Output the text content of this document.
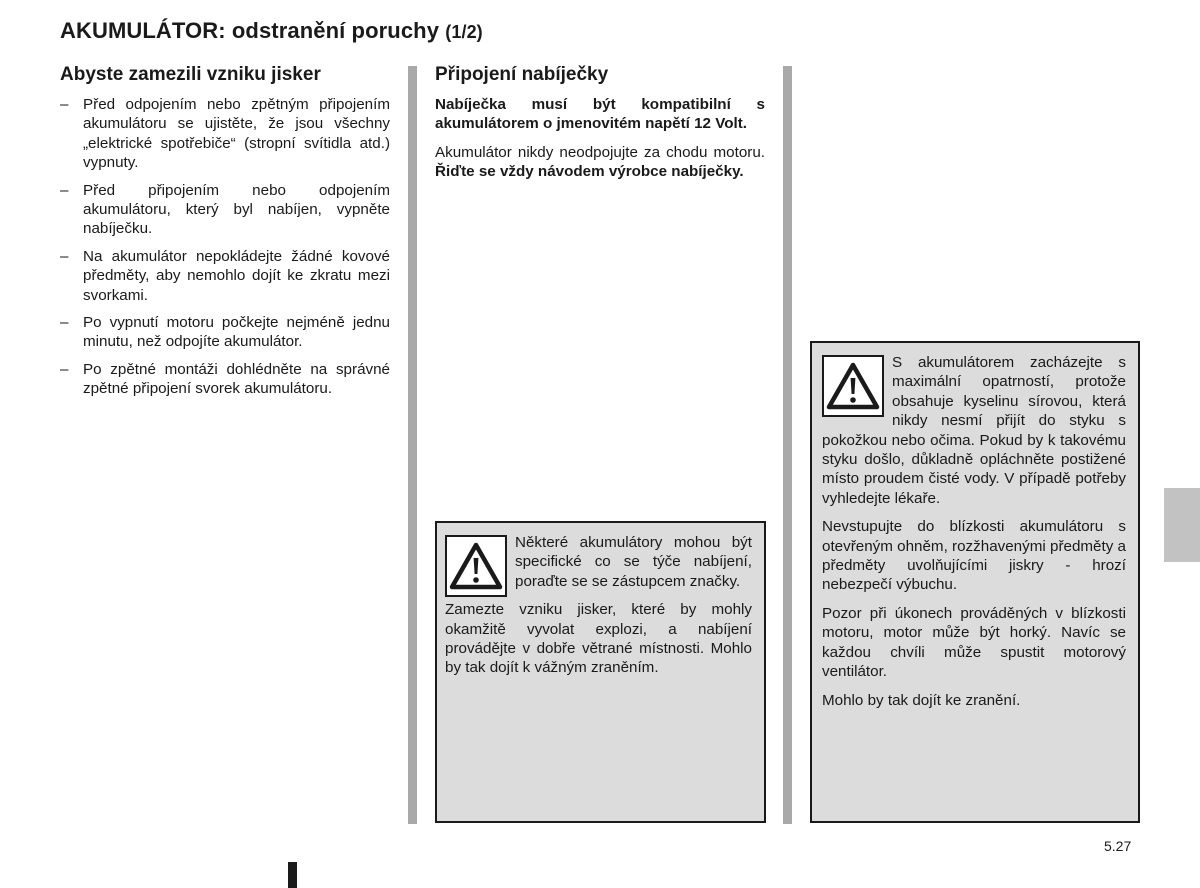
AKUMULÁTOR: odstranění poruchy (1/2)
Abyste zamezili vzniku jisker
– Před odpojením nebo zpětným připojením akumulátoru se ujistěte, že jsou všechny „elektrické spotřebiče“ (stropní svítidla atd.) vypnuty.
– Před připojením nebo odpojením akumulátoru, který byl nabíjen, vypněte nabíječku.
– Na akumulátor nepokládejte žádné kovové předměty, aby nemohlo dojít ke zkratu mezi svorkami.
– Po vypnutí motoru počkejte nejméně jednu minutu, než odpojíte akumulátor.
– Po zpětné montáži dohlédněte na správné zpětné připojení svorek akumulátoru.
Připojení nabíječky

Nabíječka musí být kompatibilní s akumulátorem o jmenovitém napětí 12 Volt.

Akumulátor nikdy neodpojujte za chodu motoru. Řiďte se vždy návodem výrobce nabíječky.

Některé akumulátory mohou být specifické co se týče nabíjení, poraďte se se zástupcem značky.

Zamezte vzniku jisker, které by mohly okamžitě vyvolat explozi, a nabíjení provádějte v dobře větrané místnosti. Mohlo by tak dojít k vážným zraněním.

S akumulátorem zacházejte s maximální opatrností, protože obsahuje kyselinu sírovou, která nikdy nesmí přijít do styku s pokožkou nebo očima. Pokud by k takovému styku došlo, důkladně opláchněte postižené místo proudem čisté vody. V případě potřeby vyhledejte lékaře.

Nevstupujte do blízkosti akumulátoru s otevřeným ohněm, rozžhavenými předměty a předměty uvolňujícími jiskry - hrozí nebezpečí výbuchu.

Pozor při úkonech prováděných v blízkosti motoru, motor může být horký. Navíc se každou chvíli může spustit motorový ventilátor.

Mohlo by tak dojít ke zranění.

5.27
